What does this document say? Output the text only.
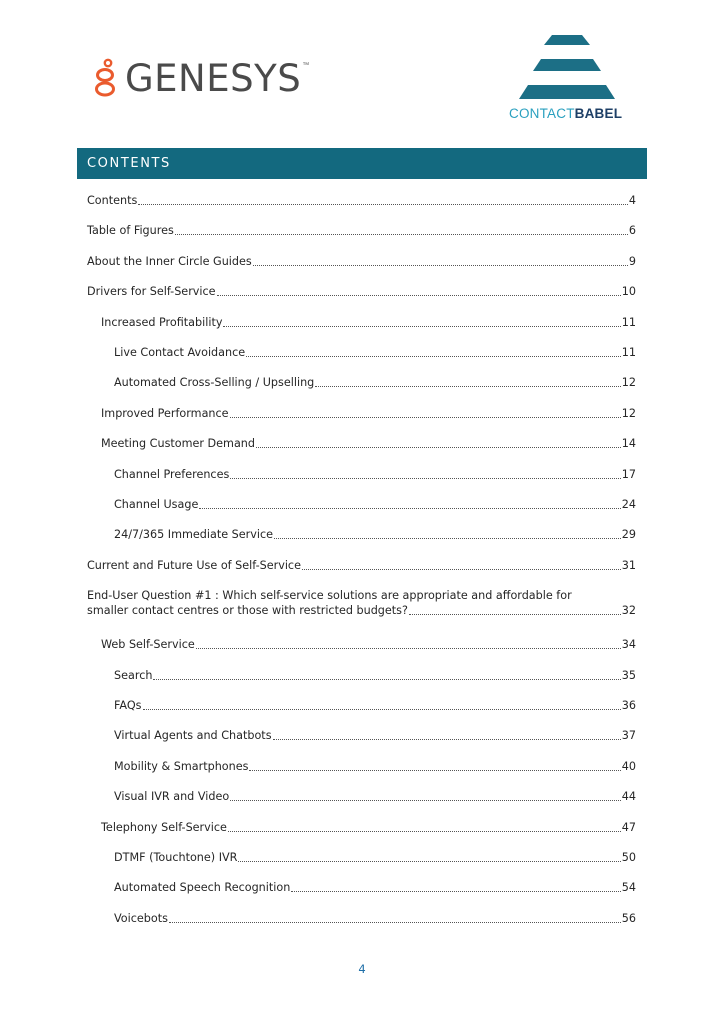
GENESYS ™
CONTACTBABEL
CONTENTS
Contents	4
Table of Figures	6
About the Inner Circle Guides	9
Drivers for Self-Service	10
Increased Profitability	11
Live Contact Avoidance	11
Automated Cross-Selling / Upselling	12
Improved Performance	12
Meeting Customer Demand	14
Channel Preferences	17
Channel Usage	24
24/7/365 Immediate Service	29
Current and Future Use of Self-Service	31
End-User Question #1 : Which self-service solutions are appropriate and affordable for
smaller contact centres or those with restricted budgets?	32
Web Self-Service	34
Search	35
FAQs	36
Virtual Agents and Chatbots	37
Mobility & Smartphones	40
Visual IVR and Video	44
Telephony Self-Service	47
DTMF (Touchtone) IVR	50
Automated Speech Recognition	54
Voicebots	56
4
